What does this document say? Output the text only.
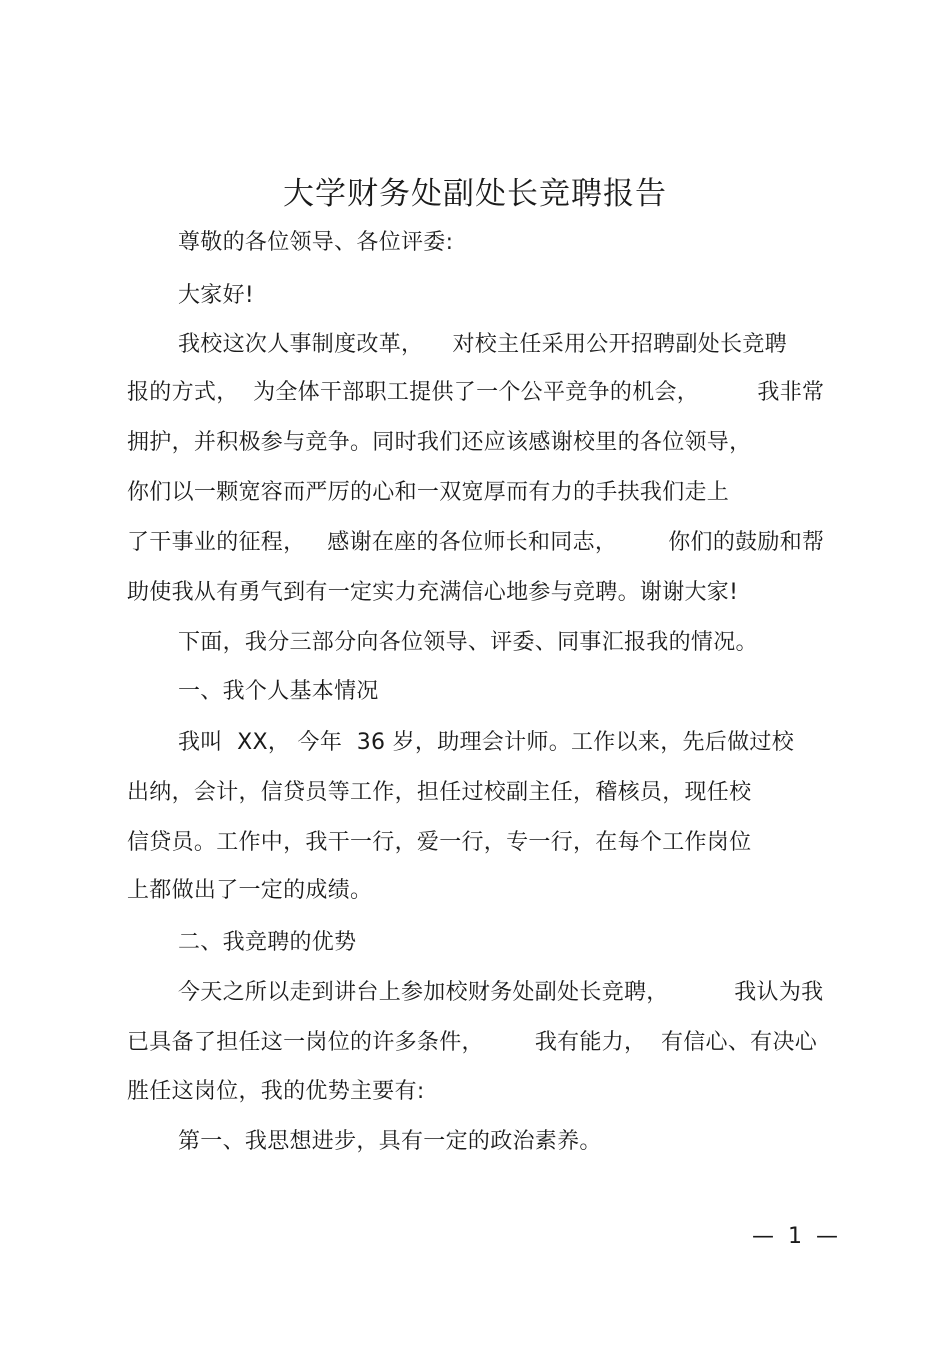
大学财务处副处长竞聘报告
尊敬的各位领导、各位评委:
大家好!
我校这次人事制度改革，    对校主任采用公开招聘副处长竞聘
报的方式，  为全体干部职工提供了一个公平竞争的机会，        我非常
拥护，并积极参与竞争。同时我们还应该感谢校里的各位领导，
你们以一颗宽容而严厉的心和一双宽厚而有力的手扶我们走上
了干事业的征程，   感谢在座的各位师长和同志，       你们的鼓励和帮
助使我从有勇气到有一定实力充满信心地参与竞聘。谢谢大家!
下面，我分三部分向各位领导、评委、同事汇报我的情况。
一、我个人基本情况
我叫  XX， 今年  36 岁，助理会计师。工作以来，先后做过校
出纳，会计，信贷员等工作，担任过校副主任，稽核员，现任校
信贷员。工作中，我干一行，爱一行，专一行，在每个工作岗位
上都做出了一定的成绩。
二、我竞聘的优势
今天之所以走到讲台上参加校财务处副处长竞聘，         我认为我
已具备了担任这一岗位的许多条件，       我有能力，  有信心、有决心
胜任这岗位，我的优势主要有:
第一、我思想进步，具有一定的政治素养。
—  1  —
